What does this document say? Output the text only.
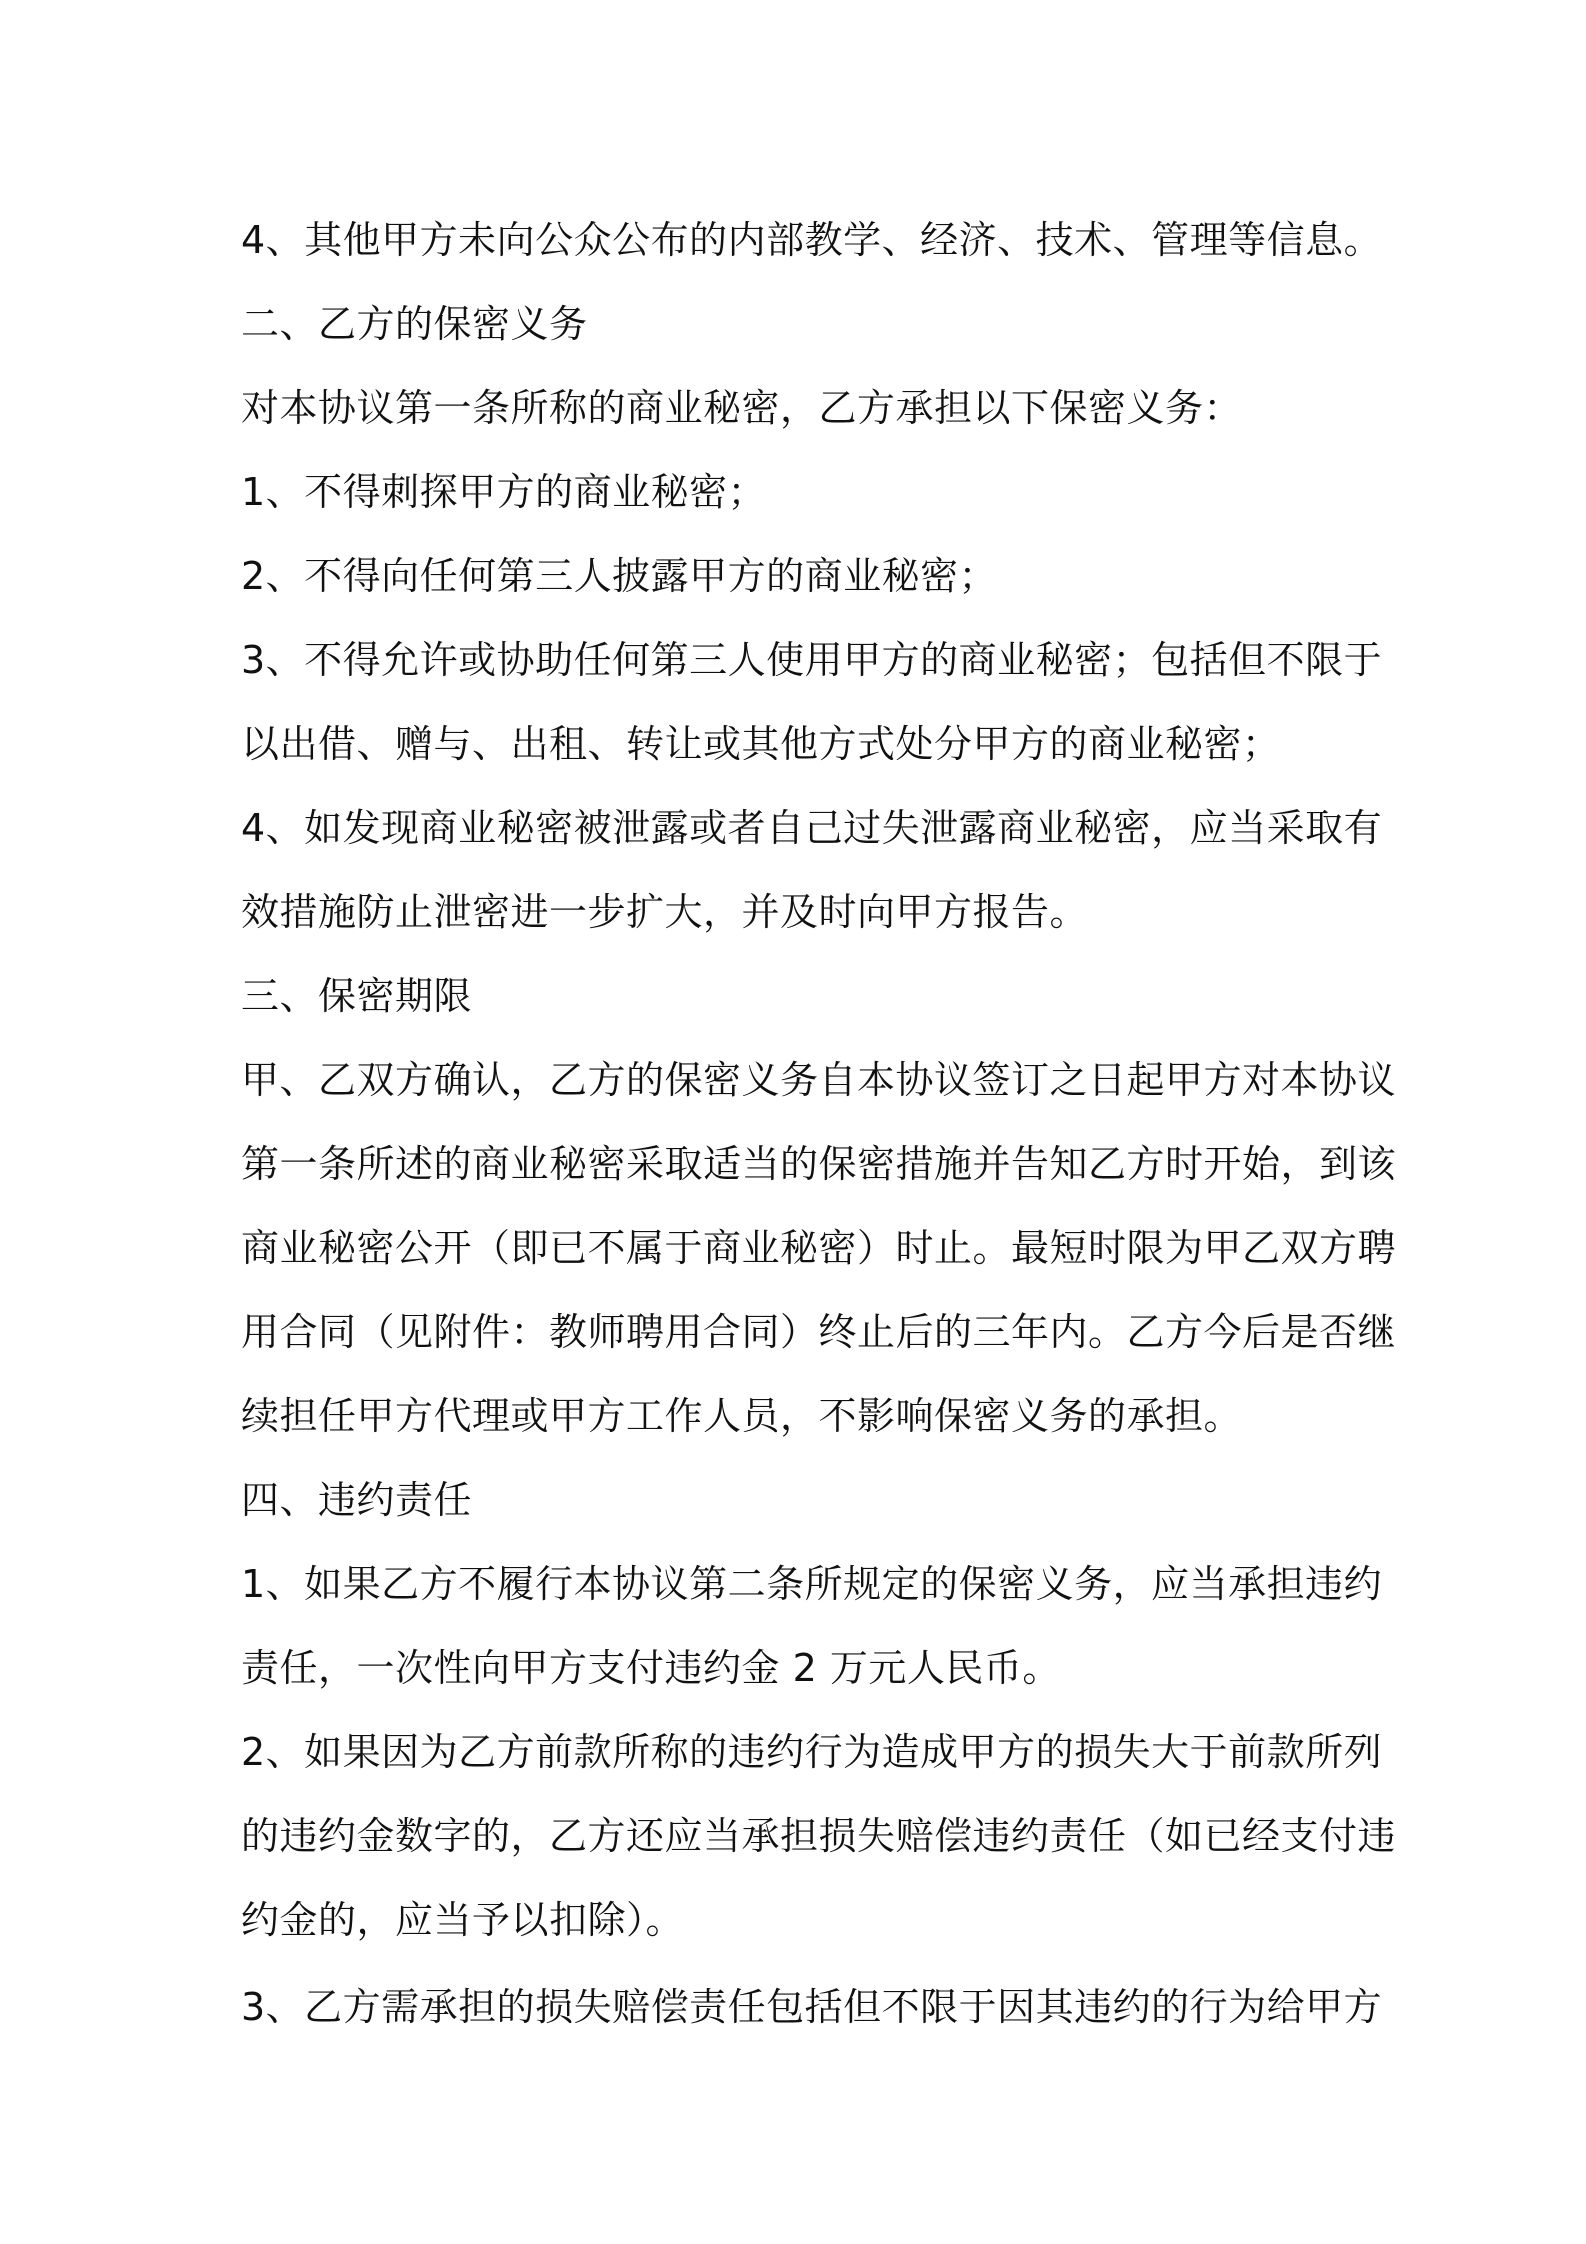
4、其他甲方未向公众公布的内部教学、经济、技术、管理等信息。
二、乙方的保密义务
对本协议第一条所称的商业秘密，乙方承担以下保密义务：
1、不得刺探甲方的商业秘密；
2、不得向任何第三人披露甲方的商业秘密；
3、不得允许或协助任何第三人使用甲方的商业秘密；包括但不限于
以出借、赠与、出租、转让或其他方式处分甲方的商业秘密；
4、如发现商业秘密被泄露或者自己过失泄露商业秘密，应当采取有
效措施防止泄密进一步扩大，并及时向甲方报告。
三、保密期限
甲、乙双方确认，乙方的保密义务自本协议签订之日起甲方对本协议
第一条所述的商业秘密采取适当的保密措施并告知乙方时开始，到该
商业秘密公开（即已不属于商业秘密）时止。最短时限为甲乙双方聘
用合同（见附件：教师聘用合同）终止后的三年内。乙方今后是否继
续担任甲方代理或甲方工作人员，不影响保密义务的承担。
四、违约责任
1、如果乙方不履行本协议第二条所规定的保密义务，应当承担违约
责任，一次性向甲方支付违约金 2 万元人民币。
2、如果因为乙方前款所称的违约行为造成甲方的损失大于前款所列
的违约金数字的，乙方还应当承担损失赔偿违约责任（如已经支付违
约金的，应当予以扣除）。
3、乙方需承担的损失赔偿责任包括但不限于因其违约的行为给甲方
